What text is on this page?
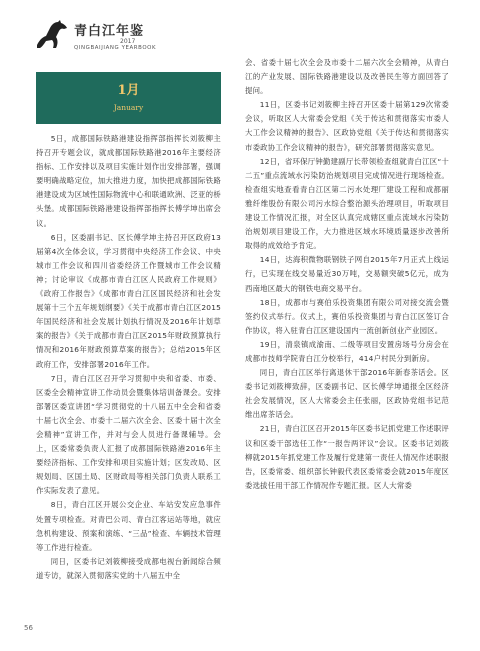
青白江年鉴
2017
QINGBAIJIANG YEARBOOK
1月
January

5日，成都国际铁路港建设指挥部指挥长刘筱柳主持召开专题会议，就成都国际铁路港2016年主要经济指标、工作安排以及项目实施计划作出安排部署，强调要明确战略定位，加大推进力度，加快把成都国际铁路港建设成为区域性国际物流中心和联通欧洲、泛亚的桥头堡。成都国际铁路港建设指挥部指挥长傅学坤出席会议。

6日，区委副书记、区长傅学坤主持召开区政府13届第4次全体会议，学习贯彻中央经济工作会议、中央城市工作会议和四川省委经济工作暨城市工作会议精神；讨论审议《成都市青白江区人民政府工作规则》《政府工作报告》《成都市青白江区国民经济和社会发展第十三个五年规划纲要》《关于成都市青白江区2015年国民经济和社会发展计划执行情况及2016年计划草案的报告》《关于成都市青白江区2015年财政预算执行情况和2016年财政预算草案的报告》；总结2015年区政府工作，安排部署2016年工作。

7日，青白江区召开学习贯彻中央和省委、市委、区委全会精神宣讲工作动员会暨集体培训备课会。安排部署区委宣讲团“学习贯彻党的十八届五中全会和省委十届七次全会、市委十二届六次全会、区委十届十次全会精神”宣讲工作，并对与会人员进行备课辅导。会上，区委常委负责人汇报了成都国际铁路港2016年主要经济指标、工作安排和项目实施计划；区发改局、区规划局、区国土局、区财政局等相关部门负责人联系工作实际发表了意见。

8日，青白江区开展公交企业、车站安发应急事件处置专项检查。对青巴公司、青白江客运站等地，就应急机构建设、预案和演练、“三品”检查、车辆技术管理等工作进行检查。

同日，区委书记刘筱柳接受成都电视台新闻综合频道专访，就深入贯彻落实党的十八届五中全

会、省委十届七次全会及市委十二届六次全会精神，从青白江的产业发展、国际铁路港建设以及改善民生等方面回答了提问。

11日，区委书记刘筱柳主持召开区委十届第129次常委会议，听取区人大常委会党组《关于传达和贯彻落实市委人大工作会议精神的报告》、区政协党组《关于传达和贯彻落实市委政协工作会议精神的报告》，研究部署贯彻落实意见。

12日，省环保厅钟勤建副厅长带领检查组就青白江区“十二五”重点流域水污染防治规划项目完成情况进行现场检查。检查组实地查看青白江区第二污水处理厂建设工程和成都丽雅纤维股份有限公司污水综合整治源头治理项目，听取项目建设工作情况汇报，对全区认真完成辖区重点流域水污染防治规划项目建设工作，大力推进区域水环境质量逐步改善所取得的成效给予肯定。

14日，达海积微物联钢铁子网自2015年7月正式上线运行，已实现在线交易量近30万吨，交易额突破5亿元，成为西南地区最大的钢铁电商交易平台。

18日，成都市与赛伯乐投资集团有限公司对接交流会暨签约仪式举行。仪式上，赛伯乐投资集团与青白江区签订合作协议，将入驻青白江区建设国内一流创新创业产业园区。

19日，清泉镇成渝南、二级等项目安置房场号分房会在成都市技师学院青白江分校举行，414户村民分到新房。

同日，青白江区举行离退休干部2016年新春茶话会。区委书记刘筱柳致辞，区委副书记、区长傅学坤通报全区经济社会发展情况，区人大常委会主任张丽，区政协党组书记范维出席茶话会。

21日，青白江区召开2015年区委书记抓党建工作述职评议和区委干部选任工作“一报告两评议”会议。区委书记刘筱柳就2015年抓党建工作及履行党建第一责任人情况作述职报告，区委常委、组织部长钟毅代表区委常委会就2015年度区委选拔任用干部工作情况作专题汇报。区人大常委

56
